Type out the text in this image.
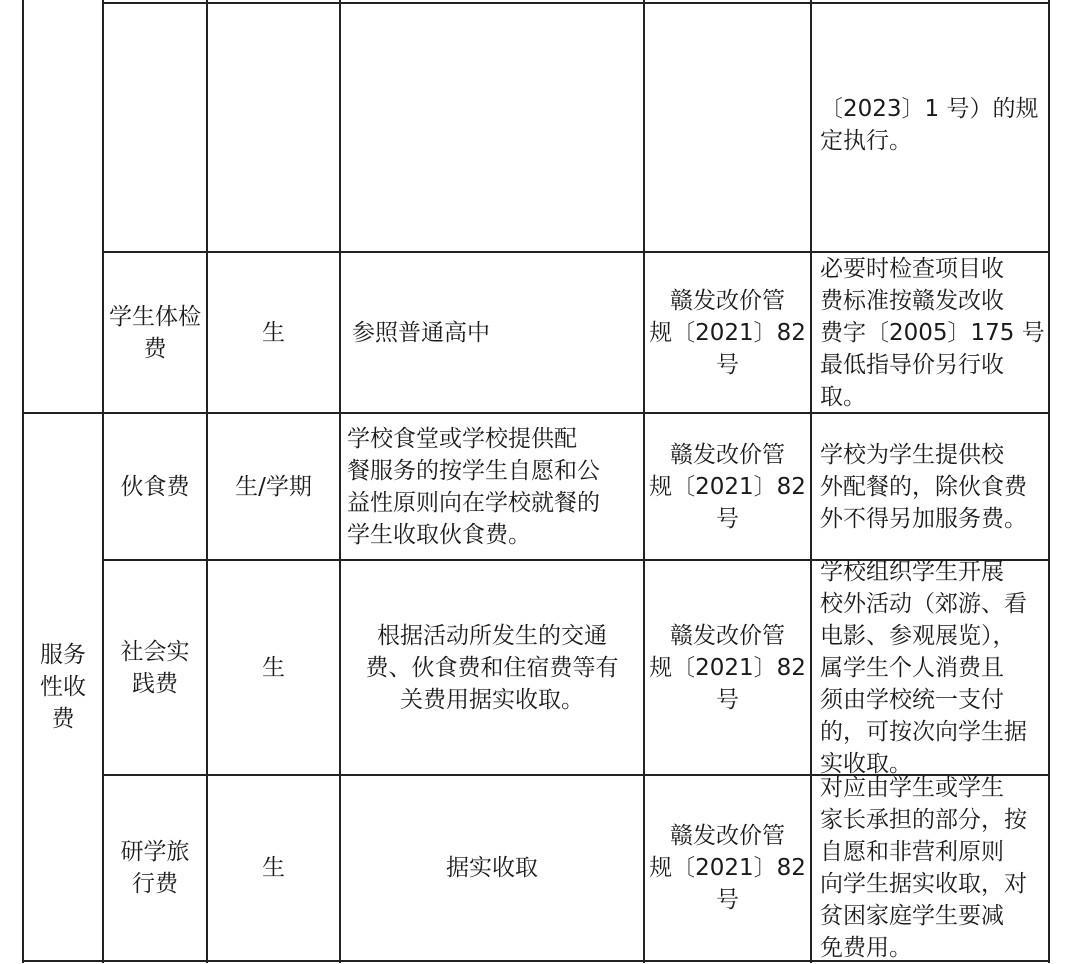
〔2023〕1 号）的规
定执行。
学生体检
费
生	参照普通高中
赣发改价管
规〔2021〕82
号
必要时检查项目收
费标准按赣发改收
费字〔2005〕175 号
最低指导价另行收
取。
服务
性收
费
伙食费 生/学期
学校食堂或学校提供配
餐服务的按学生自愿和公
益性原则向在学校就餐的
学生收取伙食费。
赣发改价管
规〔2021〕82
号
学校为学生提供校
外配餐的，除伙食费
外不得另加服务费。
社会实
践费
生
根据活动所发生的交通
费、伙食费和住宿费等有
关费用据实收取。
赣发改价管
规〔2021〕82
号
学校组织学生开展
校外活动（郊游、看
电影、参观展览），
属学生个人消费且
须由学校统一支付
的，可按次向学生据
实收取。
研学旅
行费
生	据实收取
赣发改价管
规〔2021〕82
号
对应由学生或学生
家长承担的部分，按
自愿和非营利原则
向学生据实收取，对
贫困家庭学生要减
免费用。
